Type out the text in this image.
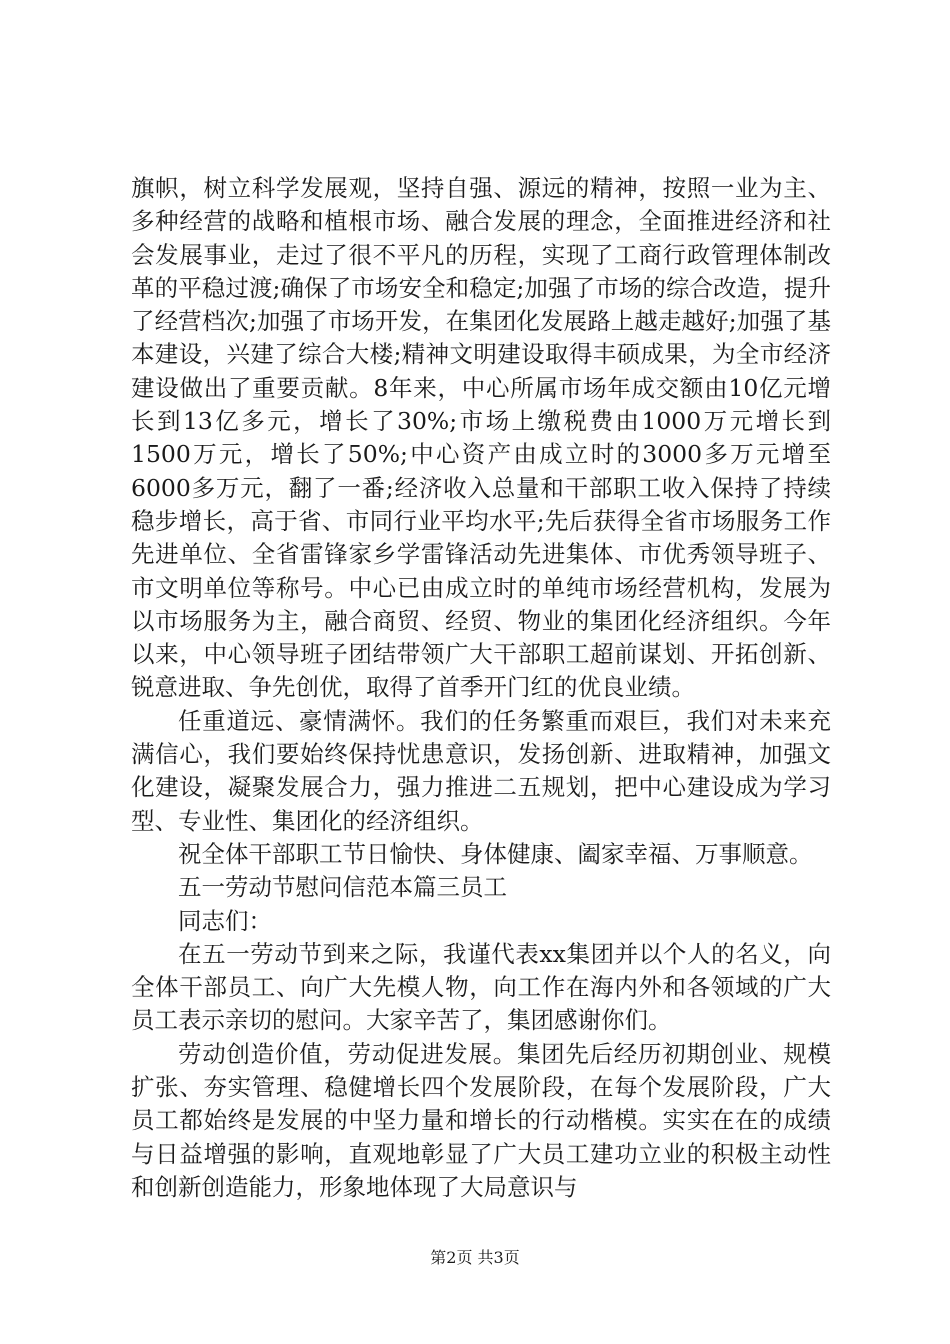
旗帜，树立科学发展观，坚持自强、源远的精神，按照一业为主、多种经营的战略和植根市场、融合发展的理念，全面推进经济和社会发展事业，走过了很不平凡的历程，实现了工商行政管理体制改革的平稳过渡;确保了市场安全和稳定;加强了市场的综合改造，提升了经营档次;加强了市场开发，在集团化发展路上越走越好;加强了基本建设，兴建了综合大楼;精神文明建设取得丰硕成果，为全市经济建设做出了重要贡献。8年来，中心所属市场年成交额由10亿元增长到13亿多元，增长了30%;市场上缴税费由1000万元增长到1500万元，增长了50%;中心资产由成立时的3000多万元增至6000多万元，翻了一番;经济收入总量和干部职工收入保持了持续稳步增长，高于省、市同行业平均水平;先后获得全省市场服务工作先进单位、全省雷锋家乡学雷锋活动先进集体、市优秀领导班子、市文明单位等称号。中心已由成立时的单纯市场经营机构，发展为以市场服务为主，融合商贸、经贸、物业的集团化经济组织。今年以来，中心领导班子团结带领广大干部职工超前谋划、开拓创新、锐意进取、争先创优，取得了首季开门红的优良业绩。

任重道远、豪情满怀。我们的任务繁重而艰巨，我们对未来充满信心，我们要始终保持忧患意识，发扬创新、进取精神，加强文化建设，凝聚发展合力，强力推进二五规划，把中心建设成为学习型、专业性、集团化的经济组织。

祝全体干部职工节日愉快、身体健康、阖家幸福、万事顺意。

五一劳动节慰问信范本篇三员工

同志们：

在五一劳动节到来之际，我谨代表xx集团并以个人的名义，向全体干部员工、向广大先模人物，向工作在海内外和各领域的广大员工表示亲切的慰问。大家辛苦了，集团感谢你们。

劳动创造价值，劳动促进发展。集团先后经历初期创业、规模扩张、夯实管理、稳健增长四个发展阶段，在每个发展阶段，广大员工都始终是发展的中坚力量和增长的行动楷模。实实在在的成绩与日益增强的影响，直观地彰显了广大员工建功立业的积极主动性和创新创造能力，形象地体现了大局意识与

第2页 共3页
